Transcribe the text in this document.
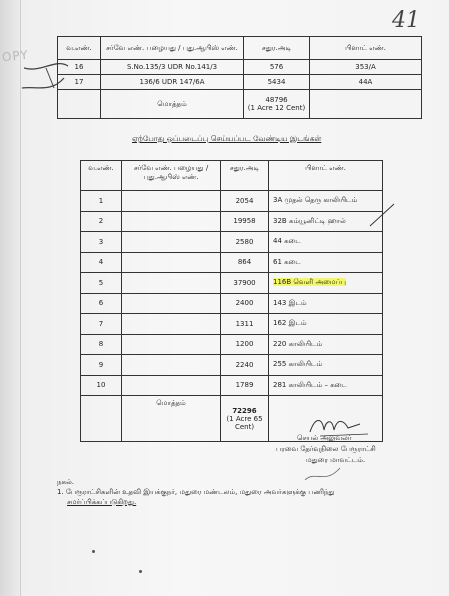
OPY
41
வ.எண்.	சர்வே எண். பழையது / புது.ஆபிஸ் எண்.	சதுர.அடி	பிளாட் எண்.
16	S.No.135/3 UDR No.141/3	576	353/A
17	136/6 UDR 147/6A	5434	44A
	மொத்தம்	48796
(1 Acre 12 Cent)	

ஏற்போது ஒப்படைப்பு செய்யப்பட வேண்டிய இடங்கள்
வ.எண்.	சர்வே எண். பழையது / புது.ஆபிஸ் எண்.	சதுர.அடி	பிளாட் எண்.
1		2054	3A முதல் தெரு காலியிடம்
2		19958	32B கம்யூனிட்டி ஹால்
3		2580	44 கடை
4		864	61 கடை
5		37900	116B வெளி அமைப்பு
6		2400	143 இடம்
7		1311	162 இடம்
8		1200	220 காலியிடம்
9		2240	255 காலியிடம்
10		1789	281 காலியிடம் – கடை
	மொத்தம்	72296
(1 Acre 65 Cent)	

செயல் அலுவலர்
பரவை தேர்வுநிலை பேரூராட்சி
மதுரை மாவட்டம்.
நகல்.
1. பேரூராட்சிகளின் உதவி இயக்குநர், மதுரை மண்டலம், மதுரை அவர்களுக்கு பணிந்து
சமர்ப்பிக்கப்படுகிறது.
